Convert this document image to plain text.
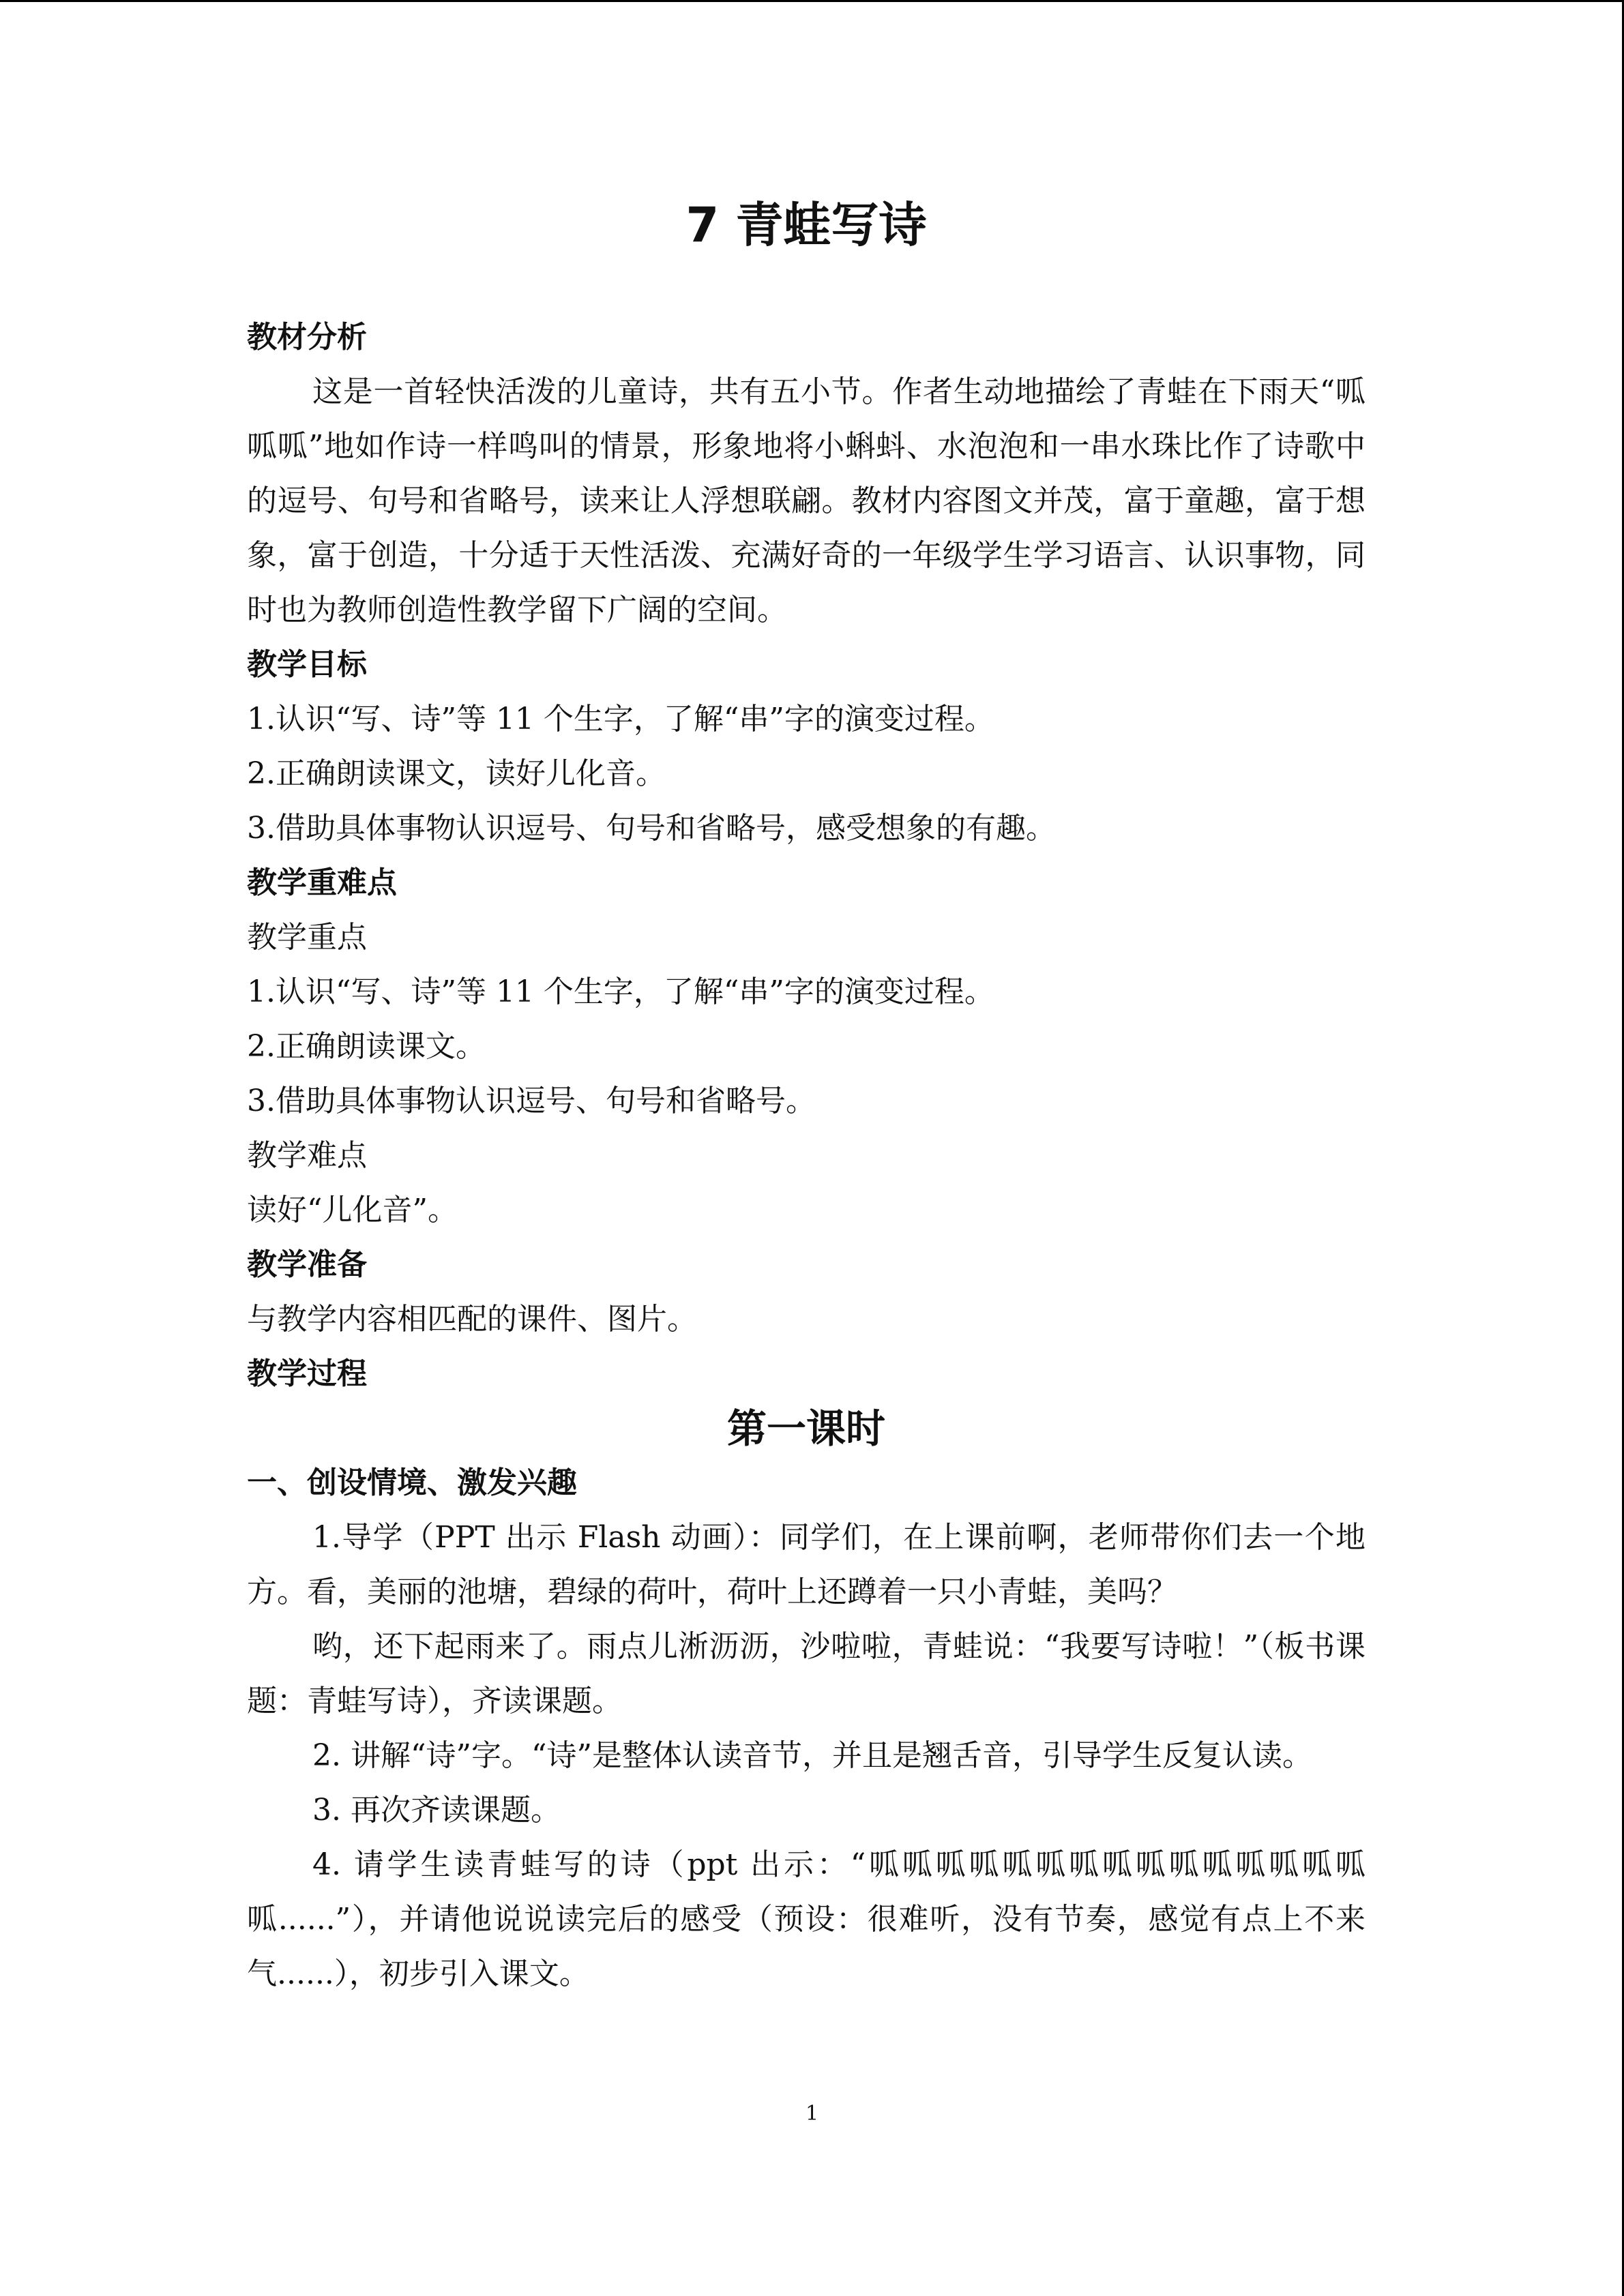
7 青蛙写诗
教材分析
这是一首轻快活泼的儿童诗，共有五小节。作者生动地描绘了青蛙在下雨天“呱呱呱”地如作诗一样鸣叫的情景，形象地将小蝌蚪、水泡泡和一串水珠比作了诗歌中的逗号、句号和省略号，读来让人浮想联翩。教材内容图文并茂，富于童趣，富于想象，富于创造，十分适于天性活泼、充满好奇的一年级学生学习语言、认识事物，同时也为教师创造性教学留下广阔的空间。
教学目标
1.认识“写、诗”等 11 个生字，了解“串”字的演变过程。
2.正确朗读课文，读好儿化音。
3.借助具体事物认识逗号、句号和省略号，感受想象的有趣。
教学重难点
教学重点
1.认识“写、诗”等 11 个生字，了解“串”字的演变过程。
2.正确朗读课文。
3.借助具体事物认识逗号、句号和省略号。
教学难点
读好“儿化音”。
教学准备
与教学内容相匹配的课件、图片。
教学过程
第一课时
一、创设情境、激发兴趣
1.导学（PPT 出示 Flash 动画）：同学们，在上课前啊，老师带你们去一个地方。看，美丽的池塘，碧绿的荷叶，荷叶上还蹲着一只小青蛙，美吗？
哟，还下起雨来了。雨点儿淅沥沥，沙啦啦，青蛙说：“我要写诗啦！”（板书课题：青蛙写诗），齐读课题。
2. 讲解“诗”字。“诗”是整体认读音节，并且是翘舌音，引导学生反复认读。
3. 再次齐读课题。
4. 请学生读青蛙写的诗（ppt 出示：“呱呱呱呱呱呱呱呱呱呱呱呱呱呱呱呱......”），并请他说说读完后的感受（预设：很难听，没有节奏，感觉有点上不来气......），初步引入课文。
1
